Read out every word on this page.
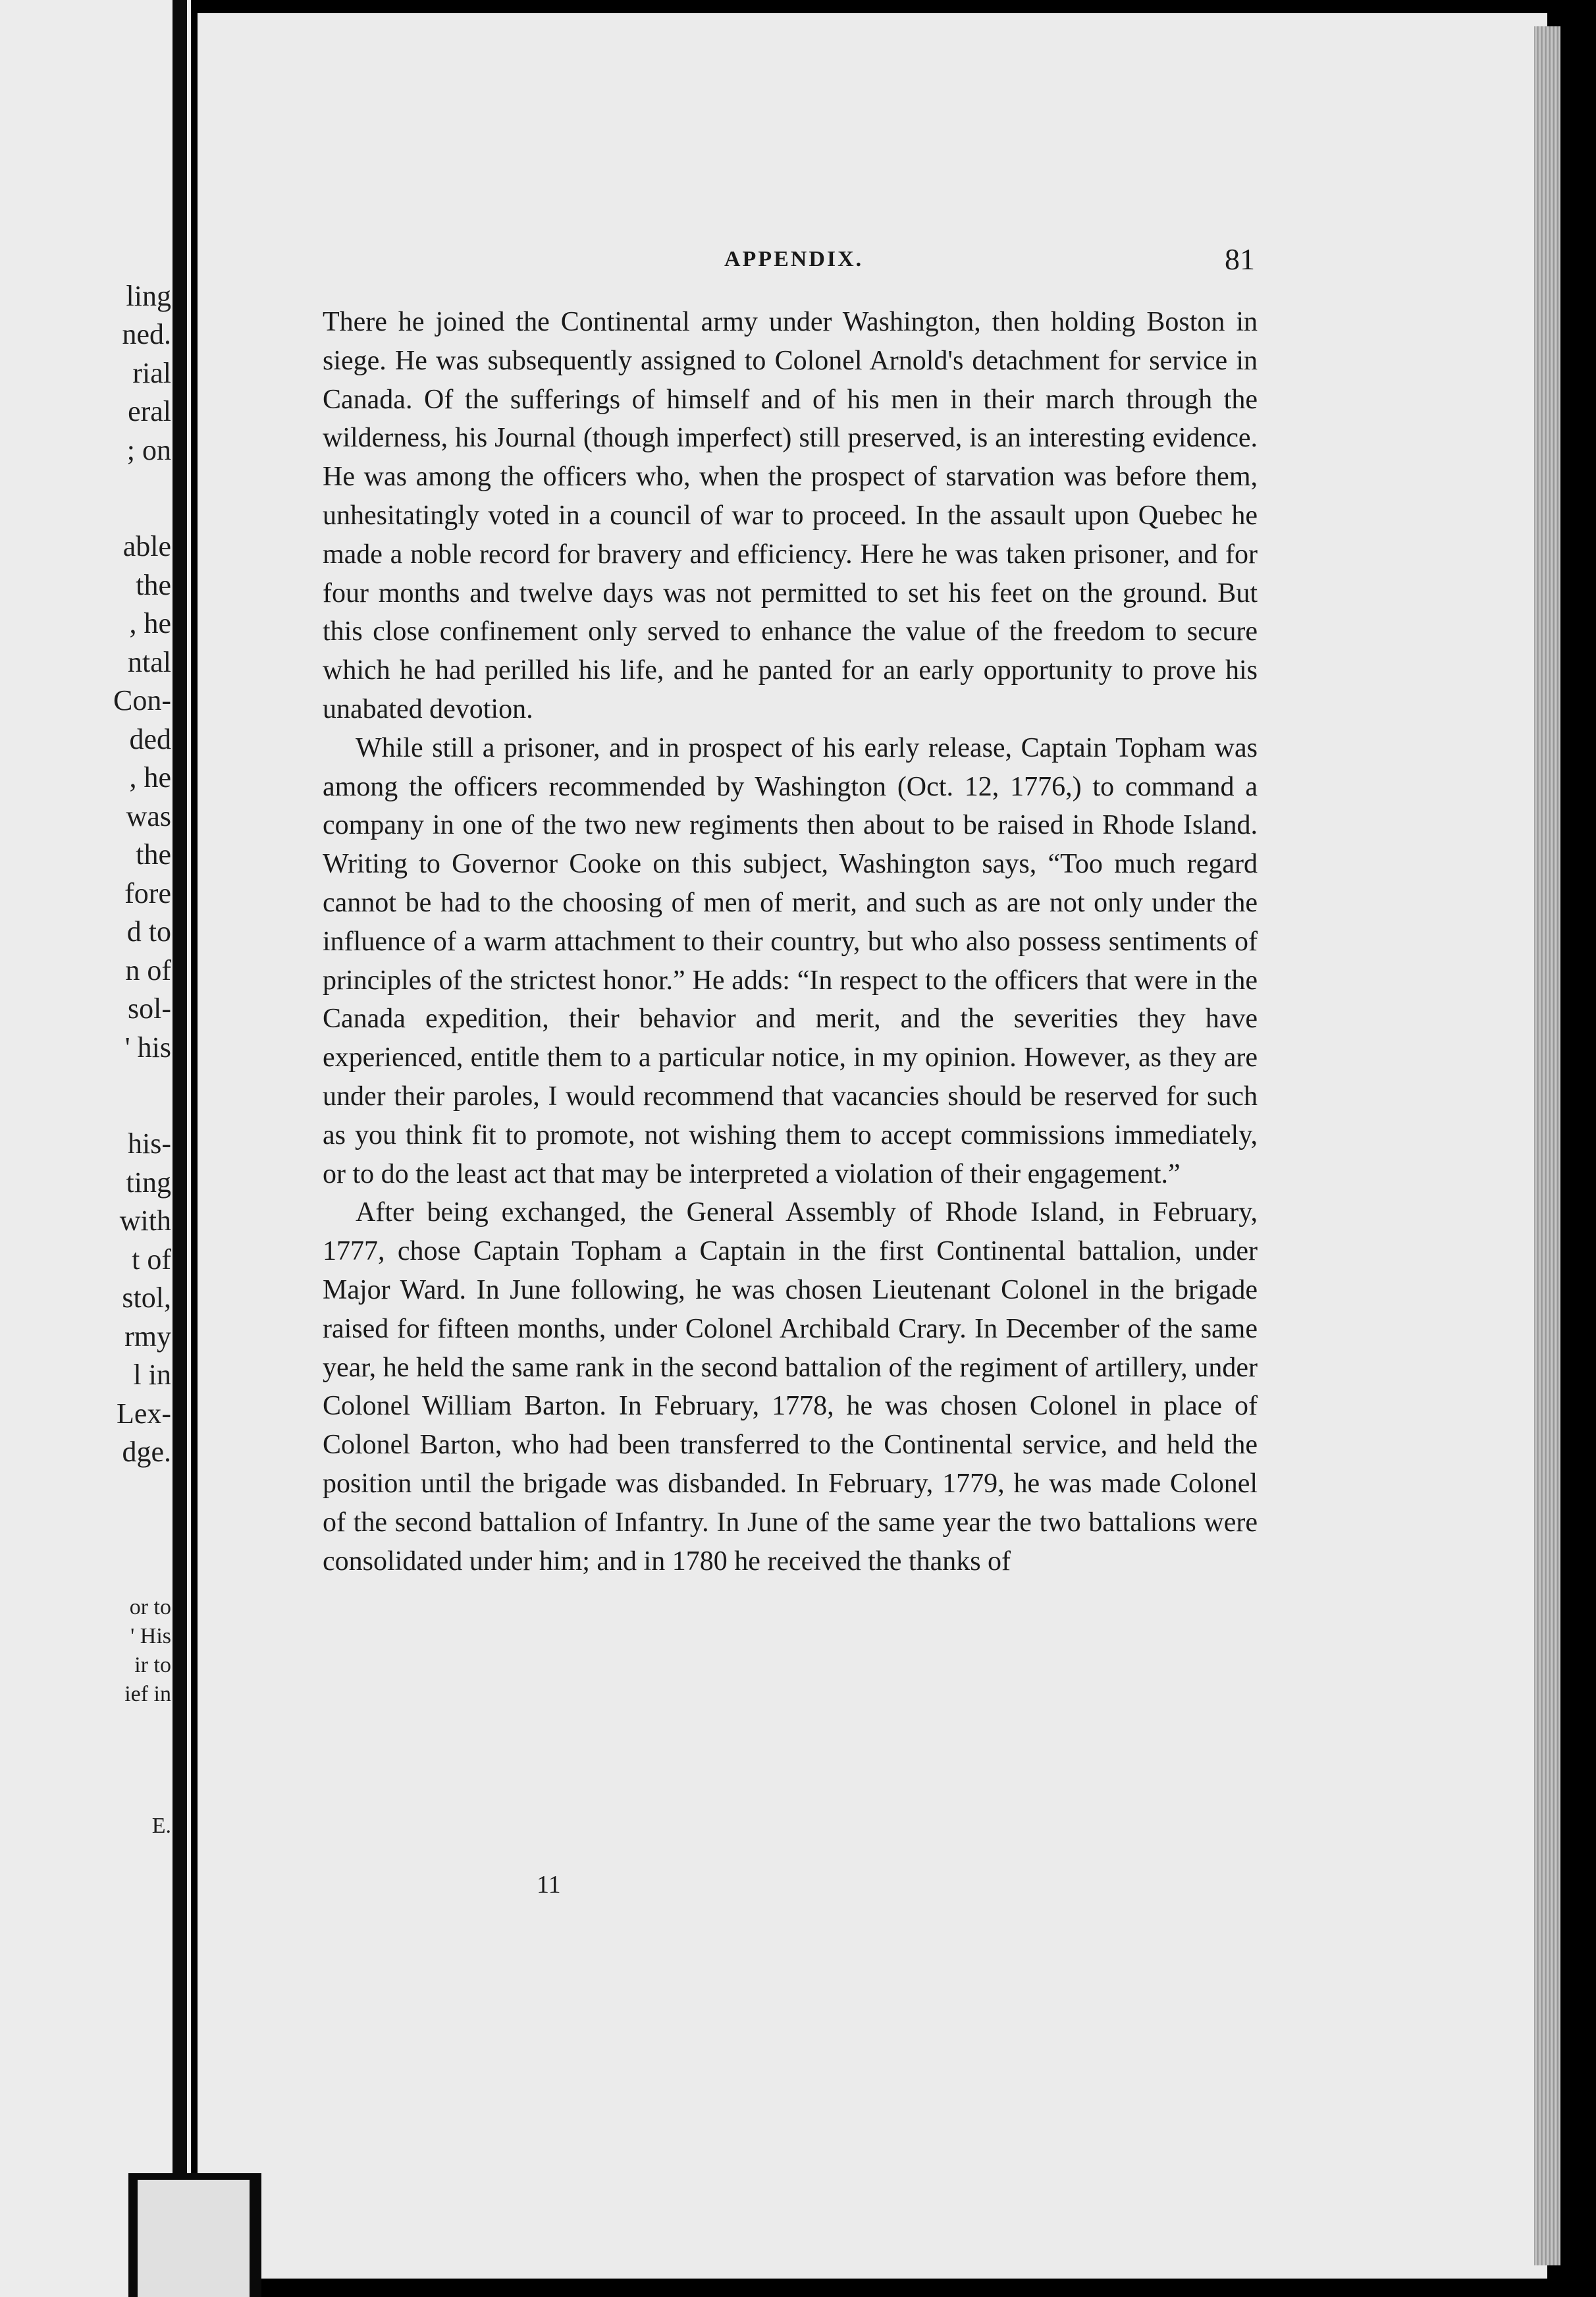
ling
ned.
rial
eral
; on
able
the
, he
ntal
Con-
ded
, he
was
the
fore
d to
n of
sol-
' his
his-
ting
with
t of
stol,
rmy
l in
Lex-
dge.
or to
' His
ir to
ief in
E.
APPENDIX.	81

There he joined the Continental army under Washington, then holding Boston in siege. He was subsequently assigned to Colonel Arnold's detachment for service in Canada. Of the sufferings of himself and of his men in their march through the wilderness, his Journal (though imperfect) still preserved, is an interesting evidence. He was among the officers who, when the prospect of starvation was before them, unhesitatingly voted in a council of war to proceed. In the assault upon Quebec he made a noble record for bravery and efficiency. Here he was taken prisoner, and for four months and twelve days was not permitted to set his feet on the ground. But this close confinement only served to enhance the value of the freedom to secure which he had perilled his life, and he panted for an early opportunity to prove his unabated devotion.

While still a prisoner, and in prospect of his early release, Captain Topham was among the officers recommended by Washington (Oct. 12, 1776,) to command a company in one of the two new regiments then about to be raised in Rhode Island. Writing to Governor Cooke on this subject, Washington says, “Too much regard cannot be had to the choosing of men of merit, and such as are not only under the influence of a warm attachment to their country, but who also possess sentiments of principles of the strictest honor.” He adds: “In respect to the officers that were in the Canada expedition, their behavior and merit, and the severities they have experienced, entitle them to a particular notice, in my opinion. However, as they are under their paroles, I would recommend that vacancies should be reserved for such as you think fit to promote, not wishing them to accept commissions immediately, or to do the least act that may be interpreted a violation of their engagement.”

After being exchanged, the General Assembly of Rhode Island, in February, 1777, chose Captain Topham a Captain in the first Continental battalion, under Major Ward. In June following, he was chosen Lieutenant Colonel in the brigade raised for fifteen months, under Colonel Archibald Crary. In December of the same year, he held the same rank in the second battalion of the regiment of artillery, under Colonel William Barton. In February, 1778, he was chosen Colonel in place of Colonel Barton, who had been transferred to the Continental service, and held the position until the brigade was disbanded. In February, 1779, he was made Colonel of the second battalion of Infantry. In June of the same year the two battalions were consolidated under him; and in 1780 he received the thanks of

11
